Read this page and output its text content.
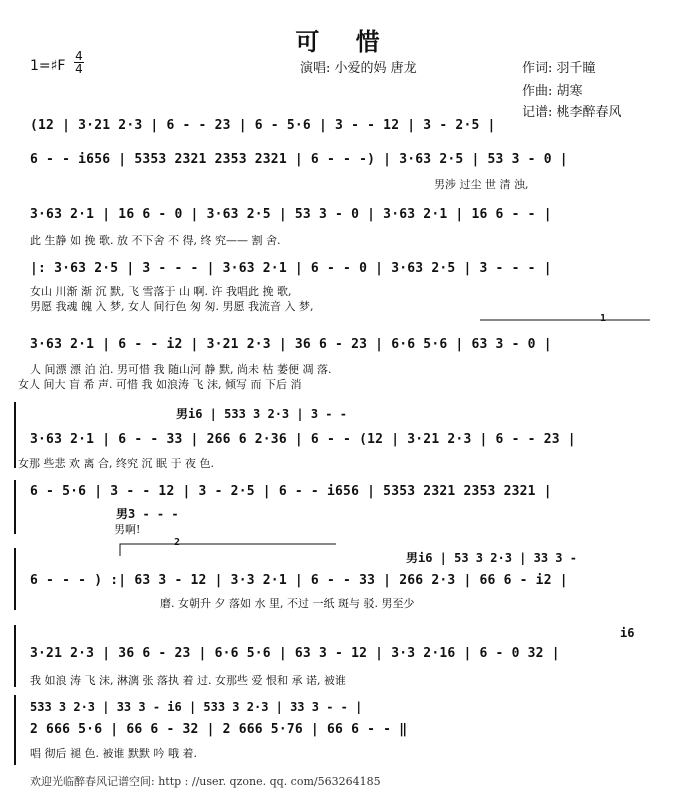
可 惜
1=♯F
4
4	演唱: 小爱的妈 唐龙	作词: 羽千瞳
作曲: 胡寒
记谱: 桃李醉春风
(12 | 3·21 2·3 | 6 - - 23 | 6 - 5·6 | 3 - - 12 | 3 - 2·5 |
6 - - i656 | 5353 2321 2353 2321 | 6 - - -) | 3·63 2·5 | 53 3 - 0 |
男涉 过尘 世 清 浊,
3·63 2·1 | 16 6 - 0 | 3·63 2·5 | 53 3 - 0 | 3·63 2·1 | 16 6 - - |
此 生静 如 挽 歌. 放 不下舍 不 得, 终 究—— 割 舍.
|: 3·63 2·5 | 3 - - - | 3·63 2·1 | 6 - - 0 | 3·63 2·5 | 3 - - - |
女山 川渐 渐 沉 默, 飞 雪落于 山 啊. 许 我唱此 挽 歌,
男愿 我魂 魄 入 梦, 女人 间行色 匆 匆. 男愿 我流音 入 梦,
3·63 2·1 | 6 - - i2 | 3·21 2·3 | 36 6 - 23 | 6·6 5·6 | 63 3 - 0 |
人 间漂 漂 泊 泊. 男可惜 我 随山河 静 默, 尚未 枯 萎便 凋 落.
女人 间大 盲 希 声. 可惜 我 如浪涛 飞 沫, 倾写 而 下后 消
男i6 | 533 3 2·3 | 3 - -
3·63 2·1 | 6 - - 33 | 266 6 2·36 | 6 - - (12 | 3·21 2·3 | 6 - - 23 |
女那 些悲 欢 离 合, 终究 沉 眠 于 夜 色.
6 - 5·6 | 3 - - 12 | 3 - 2·5 | 6 - - i656 | 5353 2321 2353 2321 |
男3 - - -
男啊!
男i6 | 53 3 2·3 | 33 3 -
6 - - - ) :| 63 3 - 12 | 3·3 2·1 | 6 - - 33 | 266 2·3 | 66 6 - i2 |
磨. 女朝升 夕 落如 水 里, 不过 一纸 斑与 驳. 男至少
i6
3·21 2·3 | 36 6 - 23 | 6·6 5·6 | 63 3 - 12 | 3·3 2·16 | 6 - 0 32 |
我 如浪 涛 飞 沫, 淋漓 张 落执 着 过. 女那些 爱 恨和 承 诺, 被谁
533 3 2·3 | 33 3 - i6 | 533 3 2·3 | 33 3 - - |
2 666 5·6 | 66 6 - 32 | 2 666 5·76 | 66 6 - - ‖
唱 彻后 褪 色. 被谁 默默 吟 哦 着.
1
2
欢迎光临醉春风记谱空间: http : //user. qzone. qq. com/563264185
